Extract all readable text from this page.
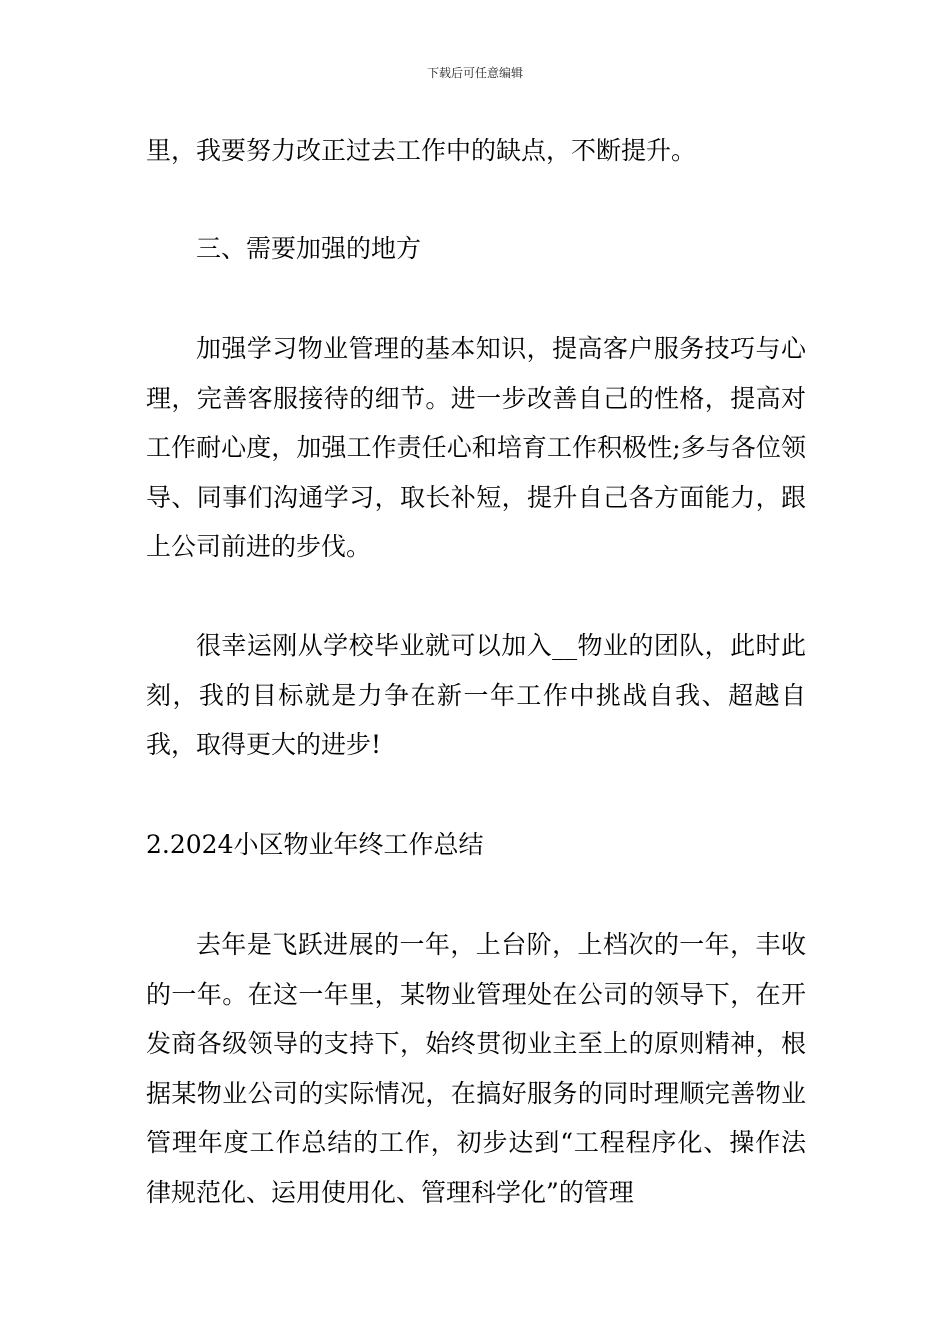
下载后可任意编辑

里，我要努力改正过去工作中的缺点，不断提升。

三、需要加强的地方

加强学习物业管理的基本知识，提高客户服务技巧与心理，完善客服接待的细节。进一步改善自己的性格，提高对工作耐心度，加强工作责任心和培育工作积极性;多与各位领导、同事们沟通学习，取长补短，提升自己各方面能力，跟上公司前进的步伐。

很幸运刚从学校毕业就可以加入__物业的团队，此时此刻，我的目标就是力争在新一年工作中挑战自我、超越自我，取得更大的进步!

2.2024小区物业年终工作总结

去年是飞跃进展的一年，上台阶，上档次的一年，丰收的一年。在这一年里，某物业管理处在公司的领导下，在开发商各级领导的支持下，始终贯彻业主至上的原则精神，根据某物业公司的实际情况，在搞好服务的同时理顺完善物业管理年度工作总结的工作，初步达到“工程程序化、操作法律规范化、运用使用化、管理科学化”的管理
